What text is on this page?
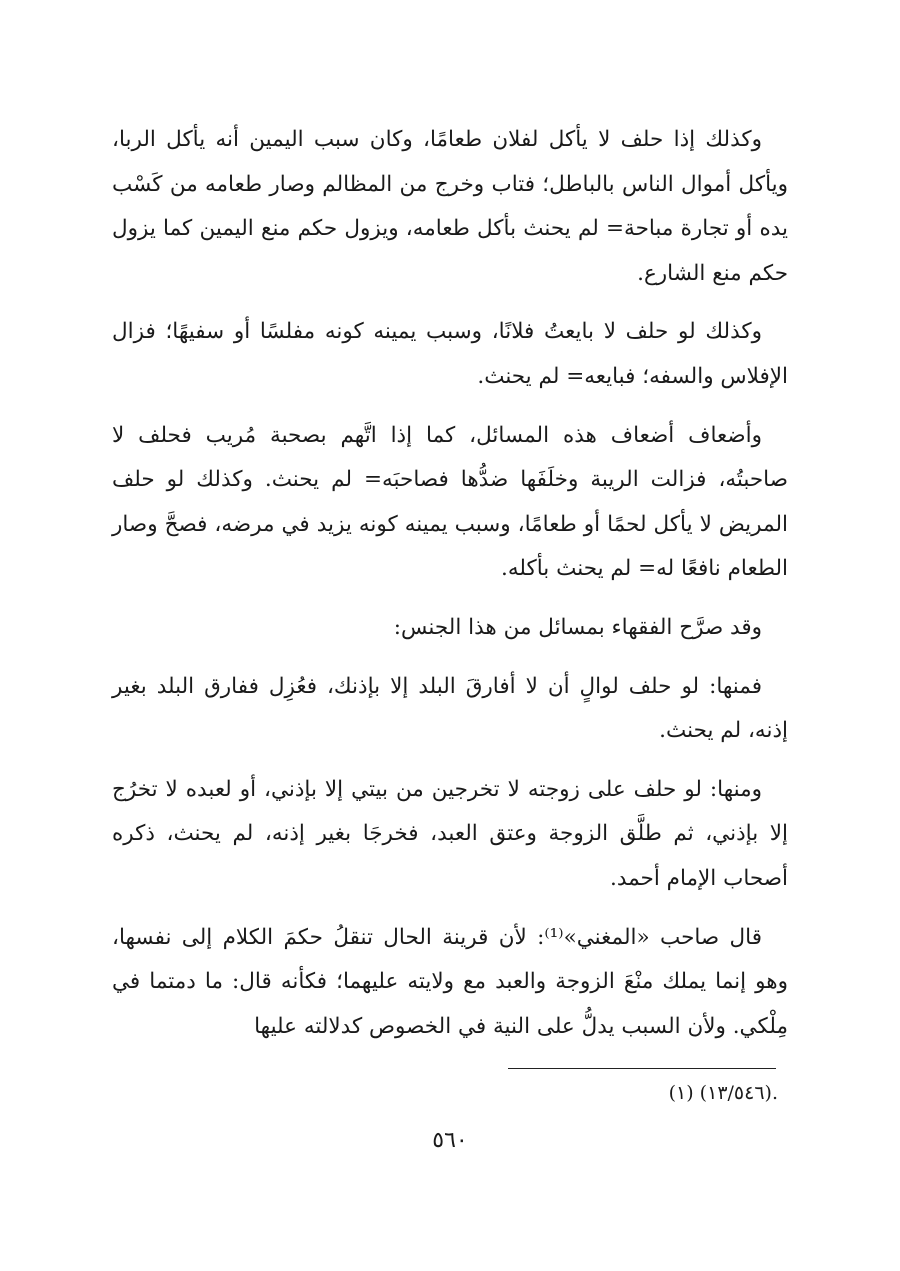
وكذلك إذا حلف لا يأكل لفلان طعامًا، وكان سبب اليمين أنه يأكل الربا، ويأكل أموال الناس بالباطل؛ فتاب وخرج من المظالم وصار طعامه من كَسْب يده أو تجارة مباحة= لم يحنث بأكل طعامه، ويزول حكم منع اليمين كما يزول حكم منع الشارع.

وكذلك لو حلف لا بايعتُ فلانًا، وسبب يمينه كونه مفلسًا أو سفيهًا؛ فزال الإفلاس والسفه؛ فبايعه= لم يحنث.

وأضعاف أضعاف هذه المسائل، كما إذا اتَّهم بصحبة مُريب فحلف لا صاحبتُه، فزالت الريبة وخلَفَها ضدُّها فصاحبَه= لم يحنث. وكذلك لو حلف المريض لا يأكل لحمًا أو طعامًا، وسبب يمينه كونه يزيد في مرضه، فصحَّ وصار الطعام نافعًا له= لم يحنث بأكله.

وقد صرَّح الفقهاء بمسائل من هذا الجنس:

فمنها: لو حلف لوالٍ أن لا أفارقَ البلد إلا بإذنك، فعُزِل ففارق البلد بغير إذنه، لم يحنث.

ومنها: لو حلف على زوجته لا تخرجين من بيتي إلا بإذني، أو لعبده لا تخرُج إلا بإذني، ثم طلَّق الزوجة وعتق العبد، فخرجَا بغير إذنه، لم يحنث، ذكره أصحاب الإمام أحمد.

قال صاحب «المغني»⁽¹⁾: لأن قرينة الحال تنقلُ حكمَ الكلام إلى نفسها، وهو إنما يملك منْعَ الزوجة والعبد مع ولايته عليهما؛ فكأنه قال: ما دمتما في مِلْكي. ولأن السبب يدلُّ على النية في الخصوص كدلالته عليها

(١) (١٣/٥٤٦).
٥٦٠
